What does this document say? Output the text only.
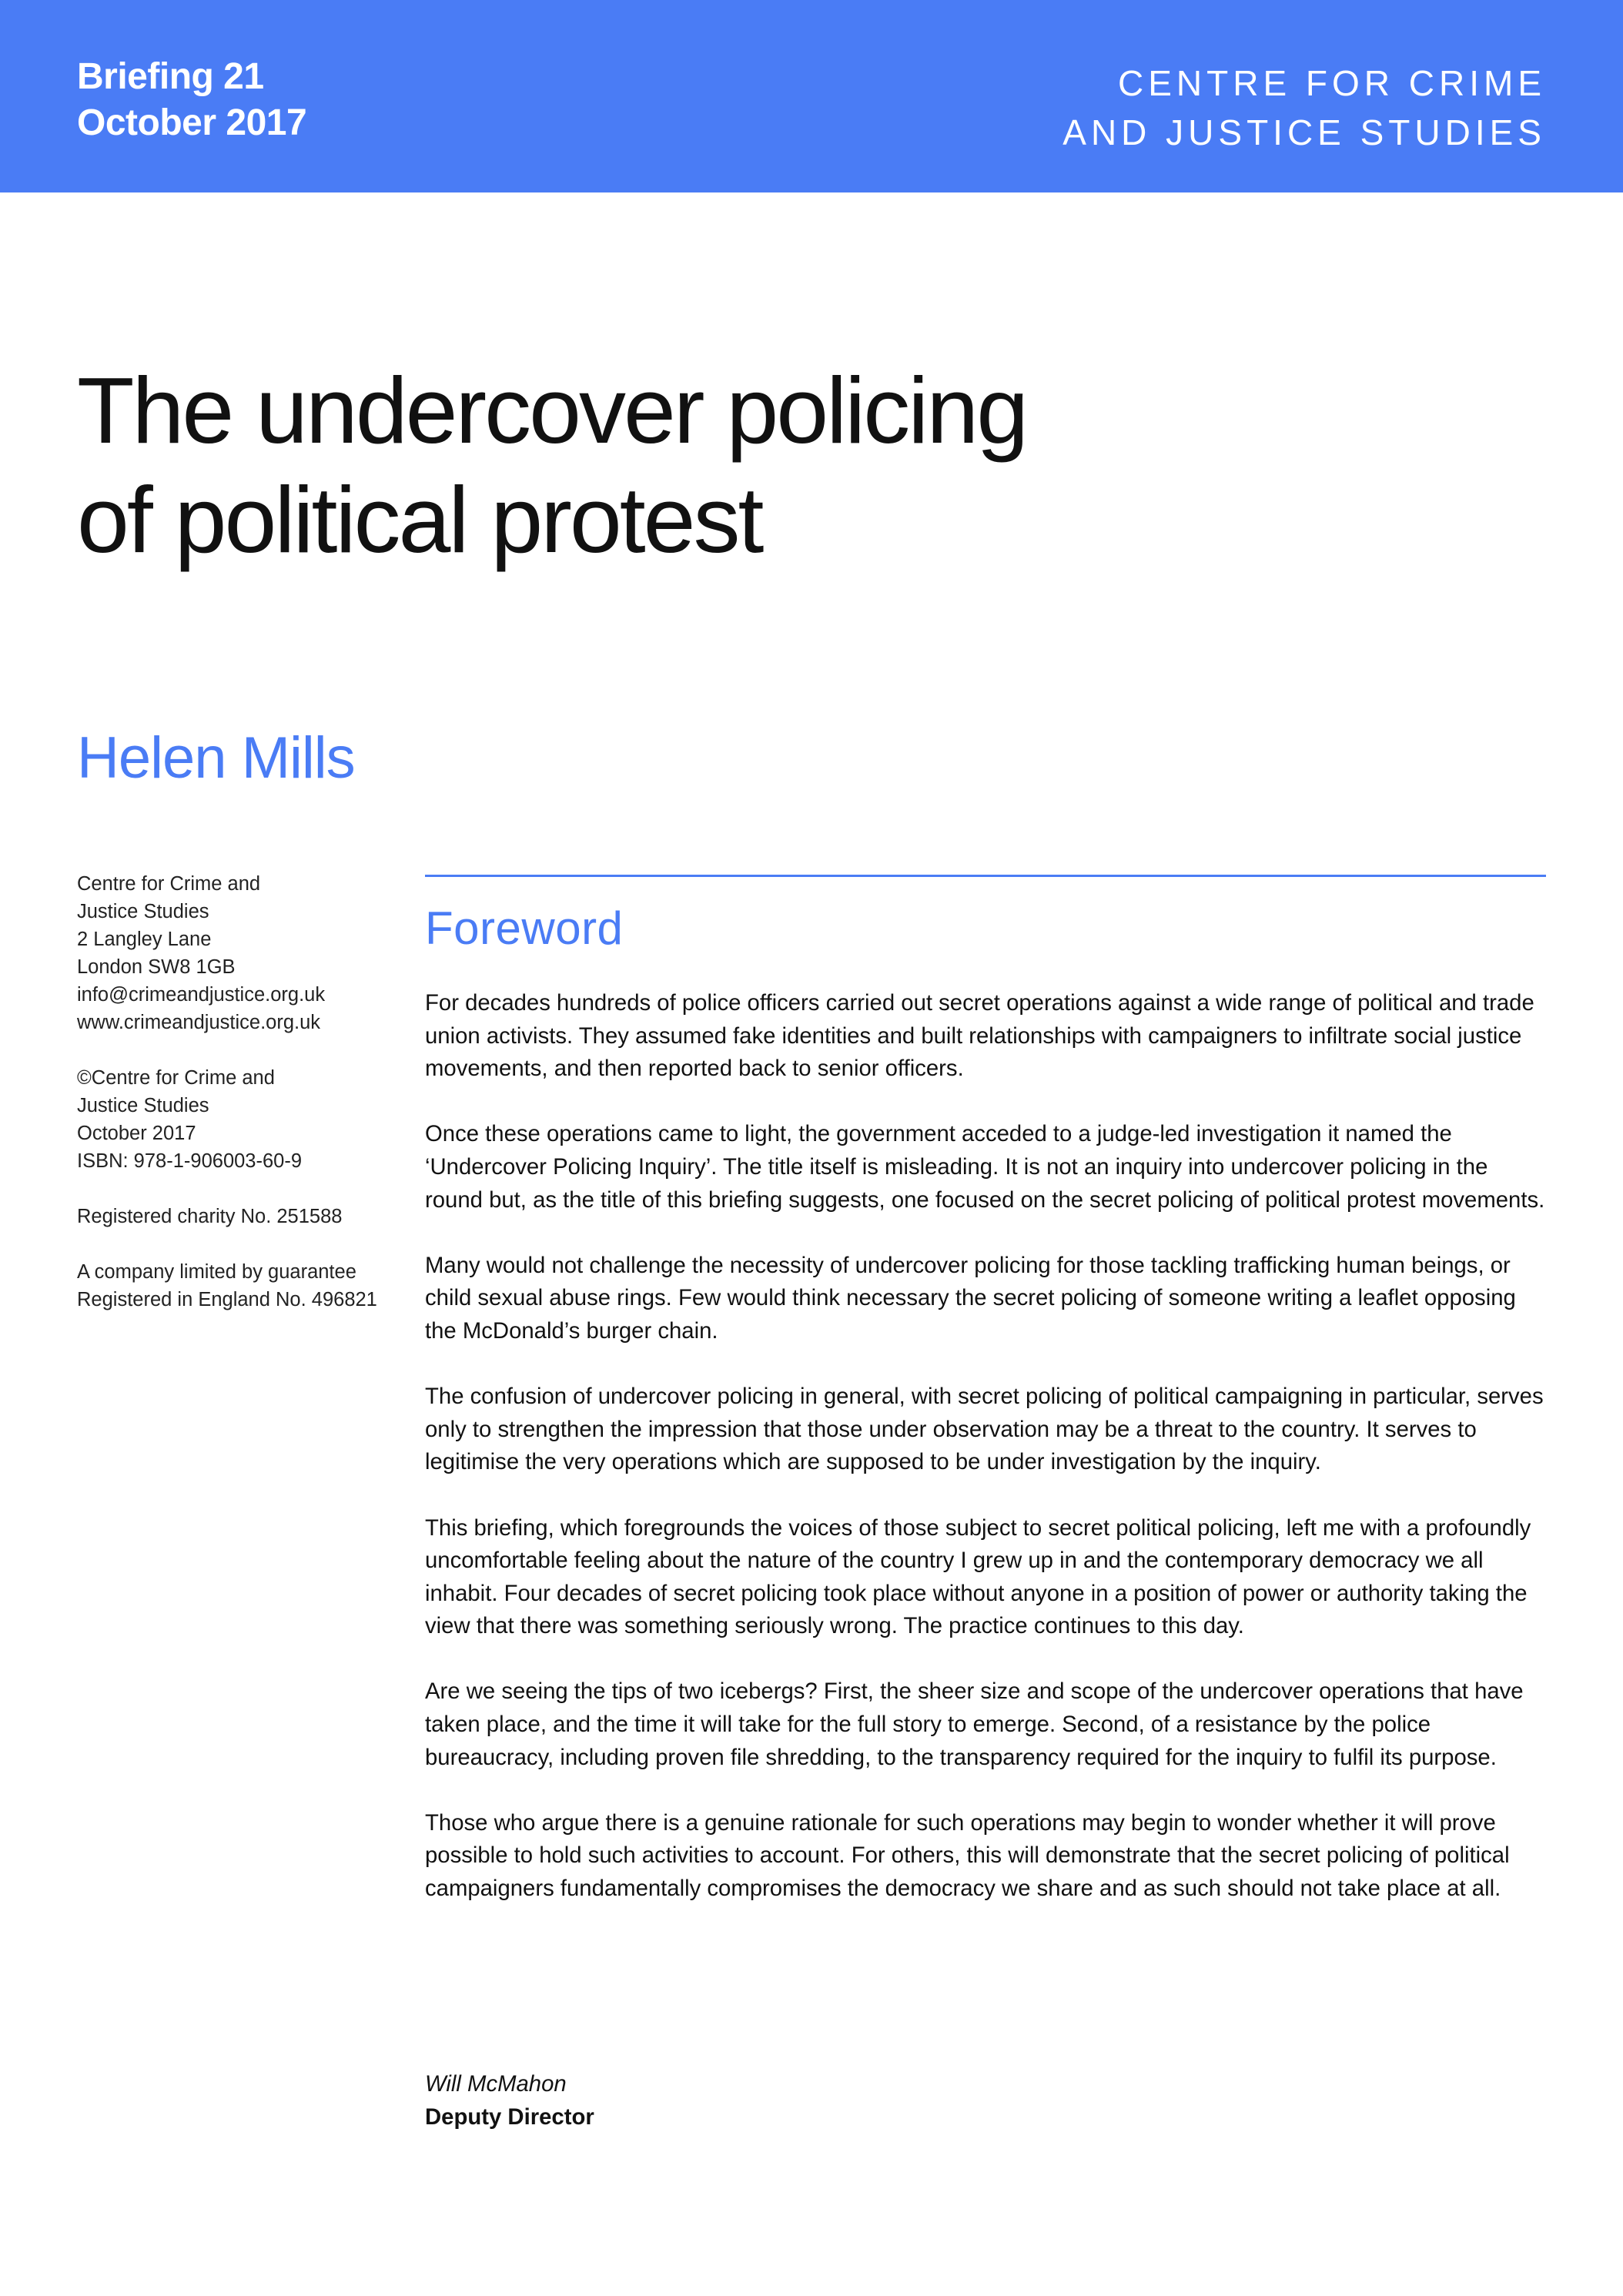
Briefing 21
October 2017
CENTRE FOR CRIME
AND JUSTICE STUDIES
The undercover policing
of political protest
Helen Mills
Centre for Crime and
Justice Studies
2 Langley Lane
London SW8 1GB
info@crimeandjustice.org.uk
www.crimeandjustice.org.uk
©Centre for Crime and
Justice Studies
October 2017
ISBN: 978-1-906003-60-9
Registered charity No. 251588
A company limited by guarantee
Registered in England No. 496821
Foreword

For decades hundreds of police officers carried out secret operations against a wide range of political and trade union activists. They assumed fake identities and built relationships with campaigners to infiltrate social justice movements, and then reported back to senior officers.

Once these operations came to light, the government acceded to a judge-led investigation it named the ‘Undercover Policing Inquiry’. The title itself is misleading. It is not an inquiry into undercover policing in the round but, as the title of this briefing suggests, one focused on the secret policing of political protest movements.

Many would not challenge the necessity of undercover policing for those tackling trafficking human beings, or child sexual abuse rings. Few would think necessary the secret policing of someone writing a leaflet opposing the McDonald’s burger chain.

The confusion of undercover policing in general, with secret policing of political campaigning in particular, serves only to strengthen the impression that those under observation may be a threat to the country. It serves to legitimise the very operations which are supposed to be under investigation by the inquiry.

This briefing, which foregrounds the voices of those subject to secret political policing, left me with a profoundly uncomfortable feeling about the nature of the country I grew up in and the contemporary democracy we all inhabit. Four decades of secret policing took place without anyone in a position of power or authority taking the view that there was something seriously wrong. The practice continues to this day.

Are we seeing the tips of two icebergs? First, the sheer size and scope of the undercover operations that have taken place, and the time it will take for the full story to emerge. Second, of a resistance by the police bureaucracy, including proven file shredding, to the transparency required for the inquiry to fulfil its purpose.

Those who argue there is a genuine rationale for such operations may begin to wonder whether it will prove possible to hold such activities to account. For others, this will demonstrate that the secret policing of political campaigners fundamentally compromises the democracy we share and as such should not take place at all.

Will McMahon
Deputy Director
